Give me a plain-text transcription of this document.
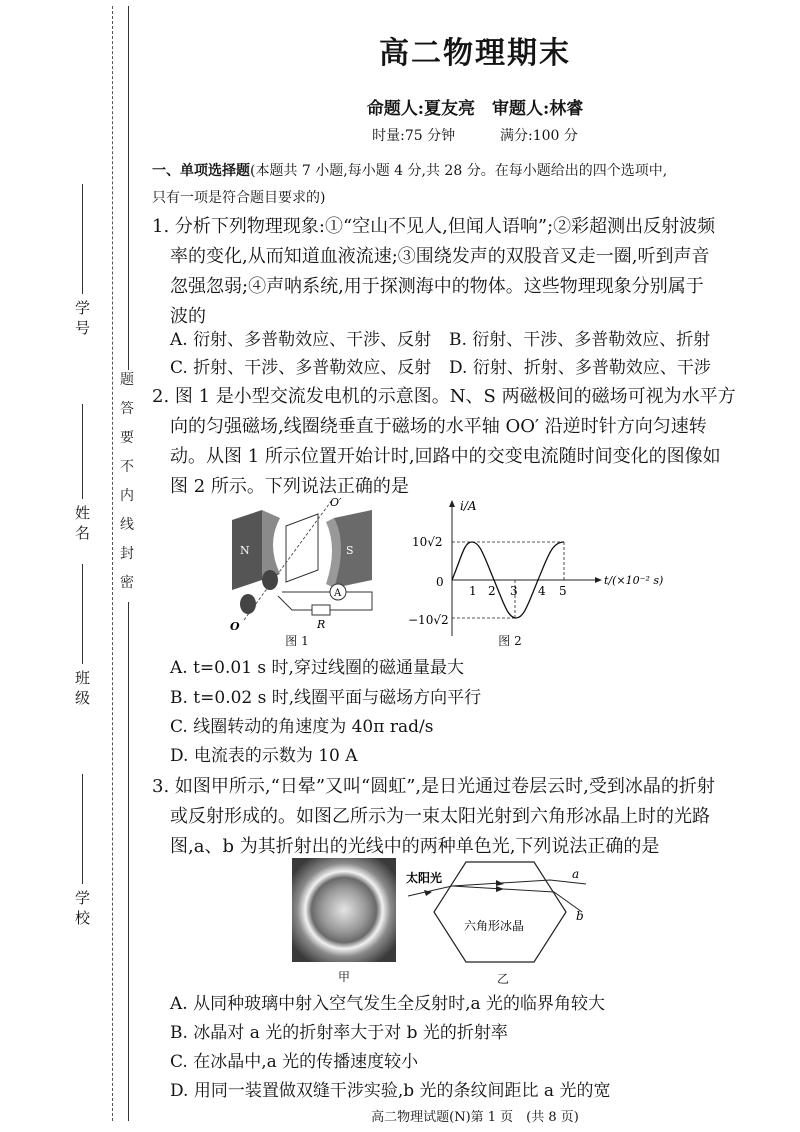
学 号
姓 名
班 级
学 校
题
答
要
不
内
线
封
密
高二物理期末
命题人:夏友亮　审题人:林睿
时量:75 分钟	满分:100 分
一、单项选择题(本题共 7 小题,每小题 4 分,共 28 分。在每小题给出的四个选项中,
只有一项是符合题目要求的)
1. 分析下列物理现象:①“空山不见人,但闻人语响”;②彩超测出反射波频
率的变化,从而知道血液流速;③围绕发声的双股音叉走一圈,听到声音
忽强忽弱;④声呐系统,用于探测海中的物体。这些物理现象分别属于
波的
A. 衍射、多普勒效应、干涉、反射 B. 衍射、干涉、多普勒效应、折射
C. 折射、干涉、多普勒效应、反射 D. 衍射、折射、多普勒效应、干涉
2. 图 1 是小型交流发电机的示意图。N、S 两磁极间的磁场可视为水平方
向的匀强磁场,线圈绕垂直于磁场的水平轴 OO′ 沿逆时针方向匀速转
动。从图 1 所示位置开始计时,回路中的交变电流随时间变化的图像如
图 2 所示。下列说法正确的是
N	S
O′
O
A
R
图 1
i/A
t/(×10⁻² s)
10√2
−10√2
0
1 2 3 4 5
图 2
A. t=0.01 s 时,穿过线圈的磁通量最大
B. t=0.02 s 时,线圈平面与磁场方向平行
C. 线圈转动的角速度为 40π rad/s
D. 电流表的示数为 10 A
3. 如图甲所示,“日晕”又叫“圆虹”,是日光通过卷层云时,受到冰晶的折射
或反射形成的。如图乙所示为一束太阳光射到六角形冰晶上时的光路
图,a、b 为其折射出的光线中的两种单色光,下列说法正确的是
甲
太阳光	a
b
六角形冰晶
乙
A. 从同种玻璃中射入空气发生全反射时,a 光的临界角较大
B. 冰晶对 a 光的折射率大于对 b 光的折射率
C. 在冰晶中,a 光的传播速度较小
D. 用同一装置做双缝干涉实验,b 光的条纹间距比 a 光的宽
高二物理试题(N)第 1 页　(共 8 页)
